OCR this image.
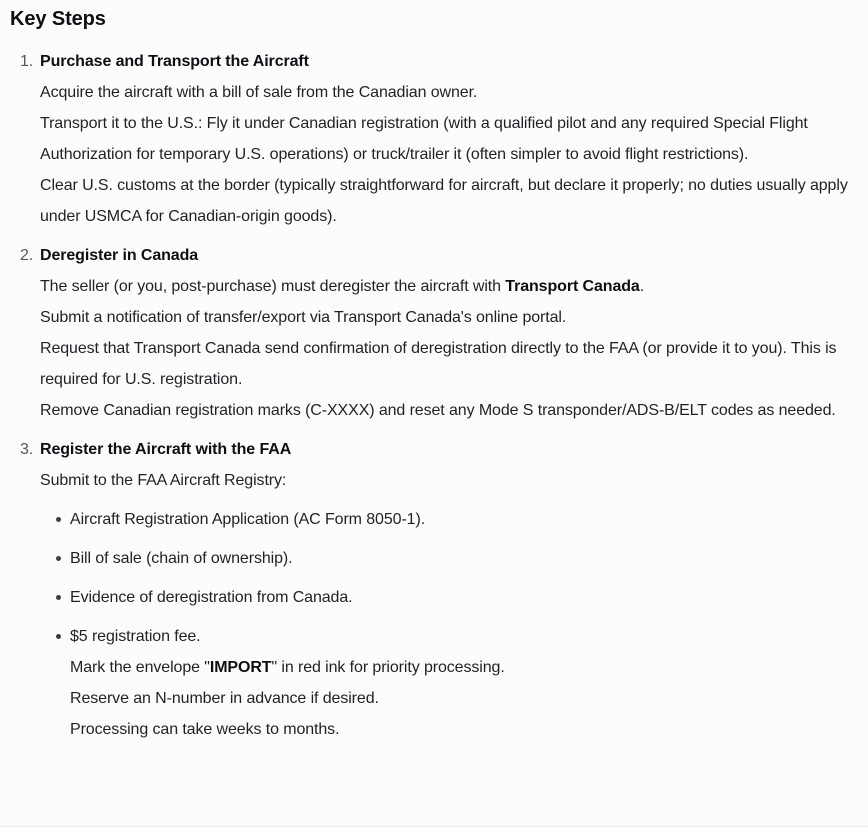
Key Steps
1. Purchase and Transport the Aircraft

Acquire the aircraft with a bill of sale from the Canadian owner.

Transport it to the U.S.: Fly it under Canadian registration (with a qualified pilot and any required Special Flight Authorization for temporary U.S. operations) or truck/trailer it (often simpler to avoid flight restrictions).

Clear U.S. customs at the border (typically straightforward for aircraft, but declare it properly; no duties usually apply under USMCA for Canadian-origin goods).

2. Deregister in Canada

The seller (or you, post-purchase) must deregister the aircraft with Transport Canada.

Submit a notification of transfer/export via Transport Canada's online portal.

Request that Transport Canada send confirmation of deregistration directly to the FAA (or provide it to you). This is required for U.S. registration.

Remove Canadian registration marks (C-XXXX) and reset any Mode S transponder/ADS-B/ELT codes as needed.

3. Register the Aircraft with the FAA

Submit to the FAA Aircraft Registry:

Aircraft Registration Application (AC Form 8050-1).

Bill of sale (chain of ownership).

Evidence of deregistration from Canada.

$5 registration fee.

Mark the envelope "IMPORT" in red ink for priority processing.

Reserve an N-number in advance if desired.

Processing can take weeks to months.
